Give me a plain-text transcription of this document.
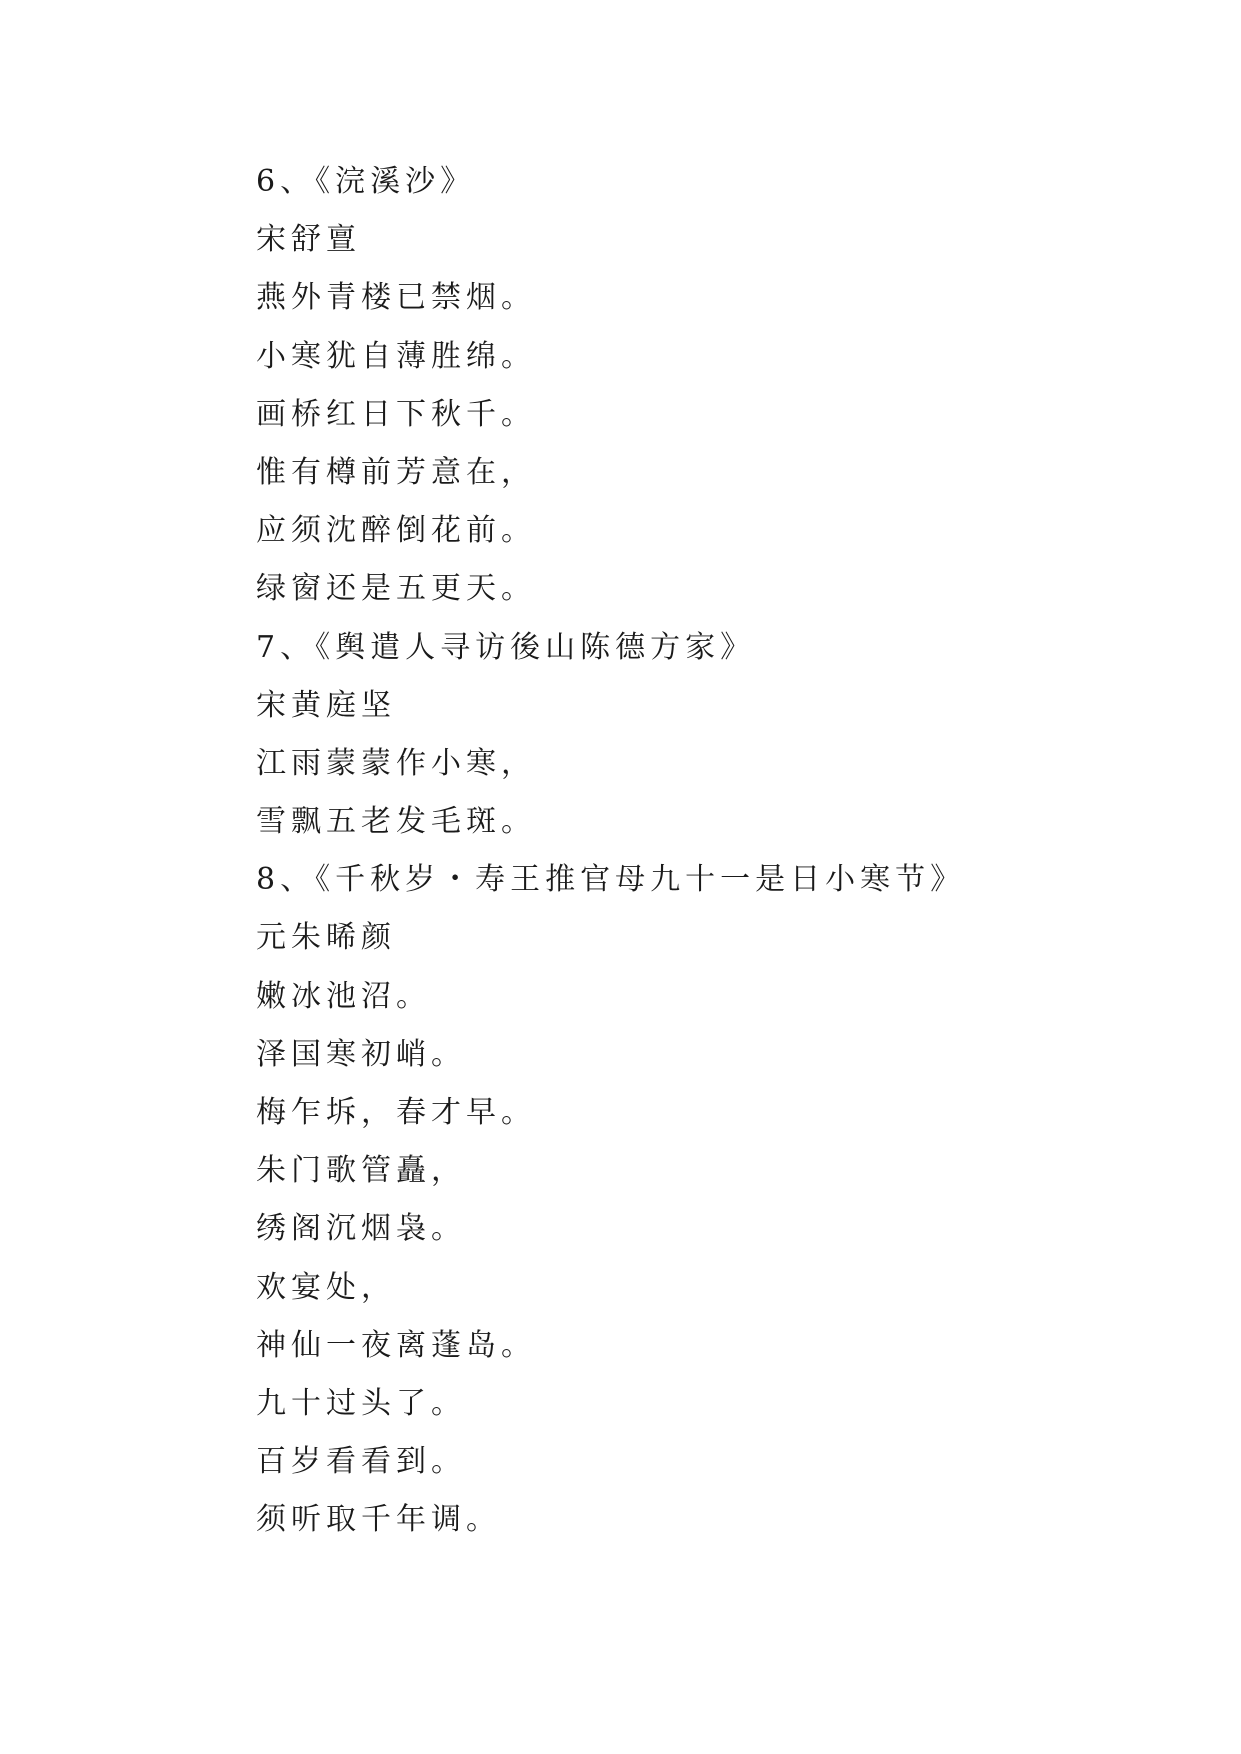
6、《浣溪沙》
宋舒亶
燕外青楼已禁烟。
小寒犹自薄胜绵。
画桥红日下秋千。
惟有樽前芳意在，
应须沈醉倒花前。
绿窗还是五更天。
7、《舆遣人寻访後山陈德方家》
宋黄庭坚
江雨蒙蒙作小寒，
雪飘五老发毛斑。
8、《千秋岁・寿王推官母九十一是日小寒节》
元朱晞颜
嫩冰池沼。
泽国寒初峭。
梅乍坼，春才早。
朱门歌管矗，
绣阁沉烟袅。
欢宴处，
神仙一夜离蓬岛。
九十过头了。
百岁看看到。
须听取千年调。
